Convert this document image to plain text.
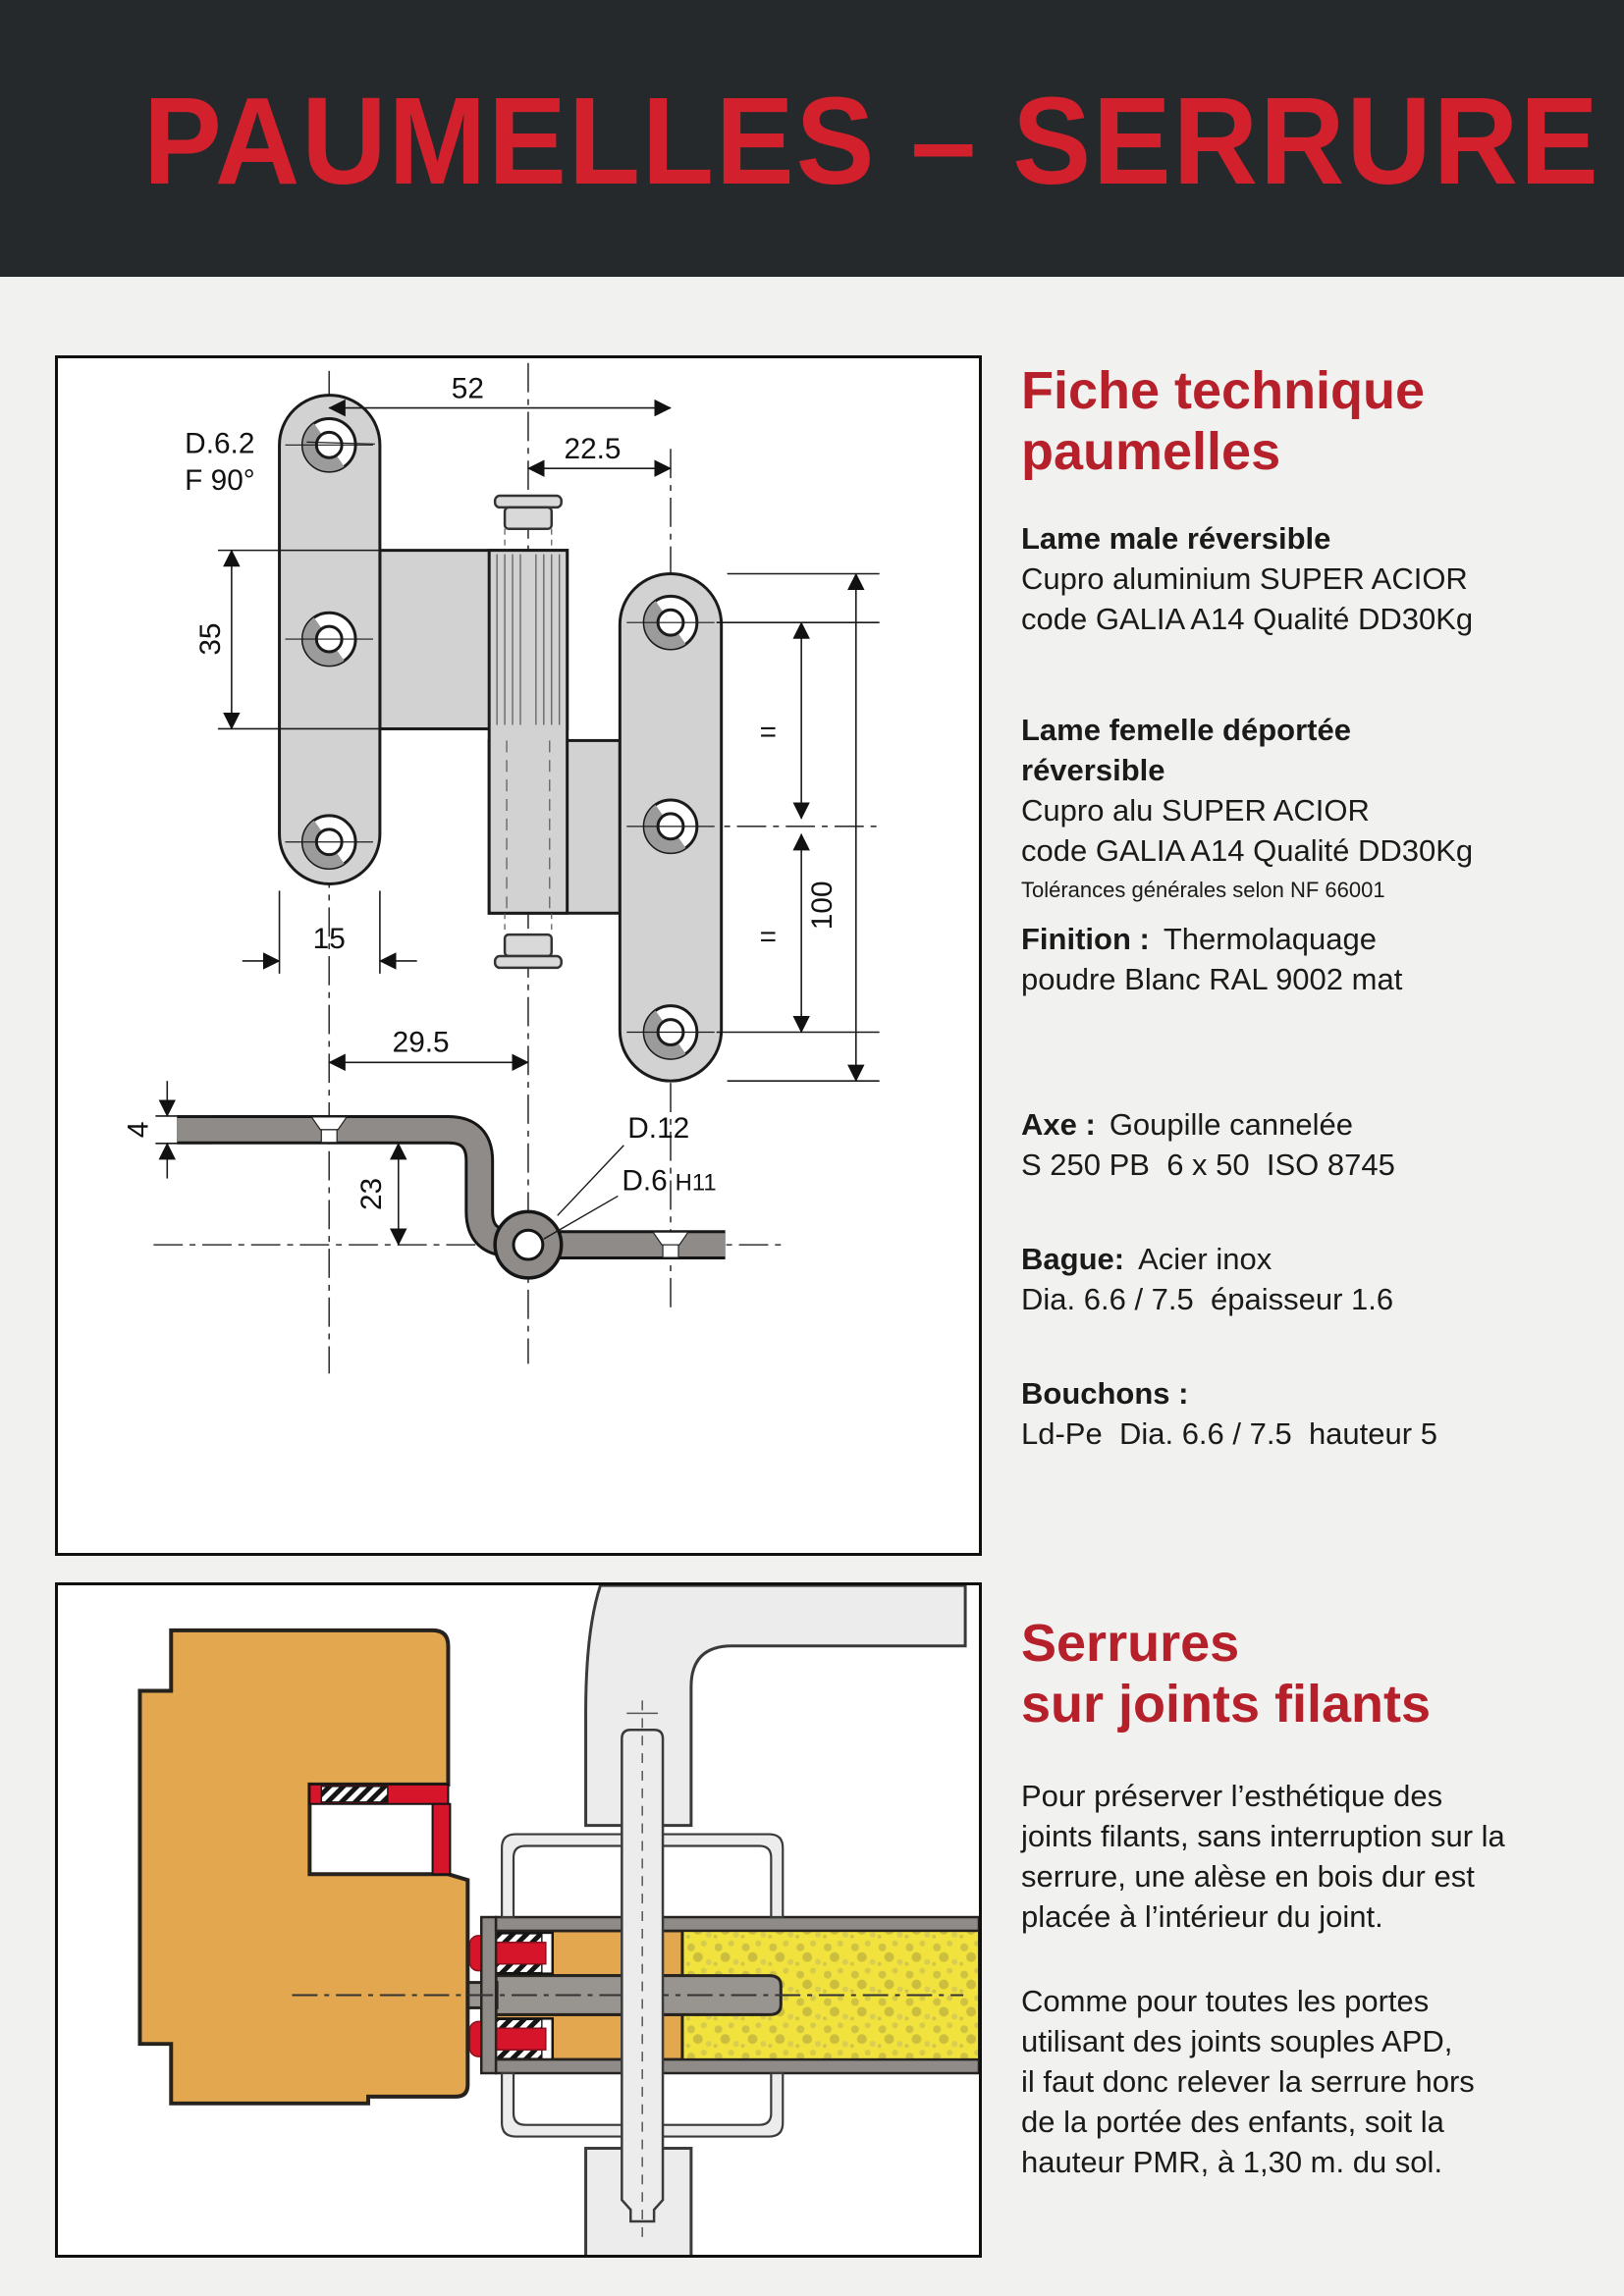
PAUMELLES – SERRURE
52
22.5
35
15
29.5
100
=
=
4
23
D.6.2
F 90°
D.12
D.6 H11
Fiche technique
paumelles
Lame male réversible
Cupro aluminium SUPER ACIOR
code GALIA A14 Qualité DD30Kg
Lame femelle déportée
réversible
Cupro alu SUPER ACIOR
code GALIA A14 Qualité DD30Kg
Tolérances générales selon NF 66001
Finition : Thermolaquage
poudre Blanc RAL 9002 mat
Axe : Goupille cannelée
S 250 PB  6 x 50  ISO 8745
Bague: Acier inox
Dia. 6.6 / 7.5  épaisseur 1.6
Bouchons :
Ld-Pe  Dia. 6.6 / 7.5  hauteur 5
Serrures
sur joints filants
Pour préserver l’esthétique des
joints filants, sans interruption sur la
serrure, une alèse en bois dur est
placée à l’intérieur du joint.
Comme pour toutes les portes
utilisant des joints souples APD,
il faut donc relever la serrure hors
de la portée des enfants, soit la
hauteur PMR, à 1,30 m. du sol.
